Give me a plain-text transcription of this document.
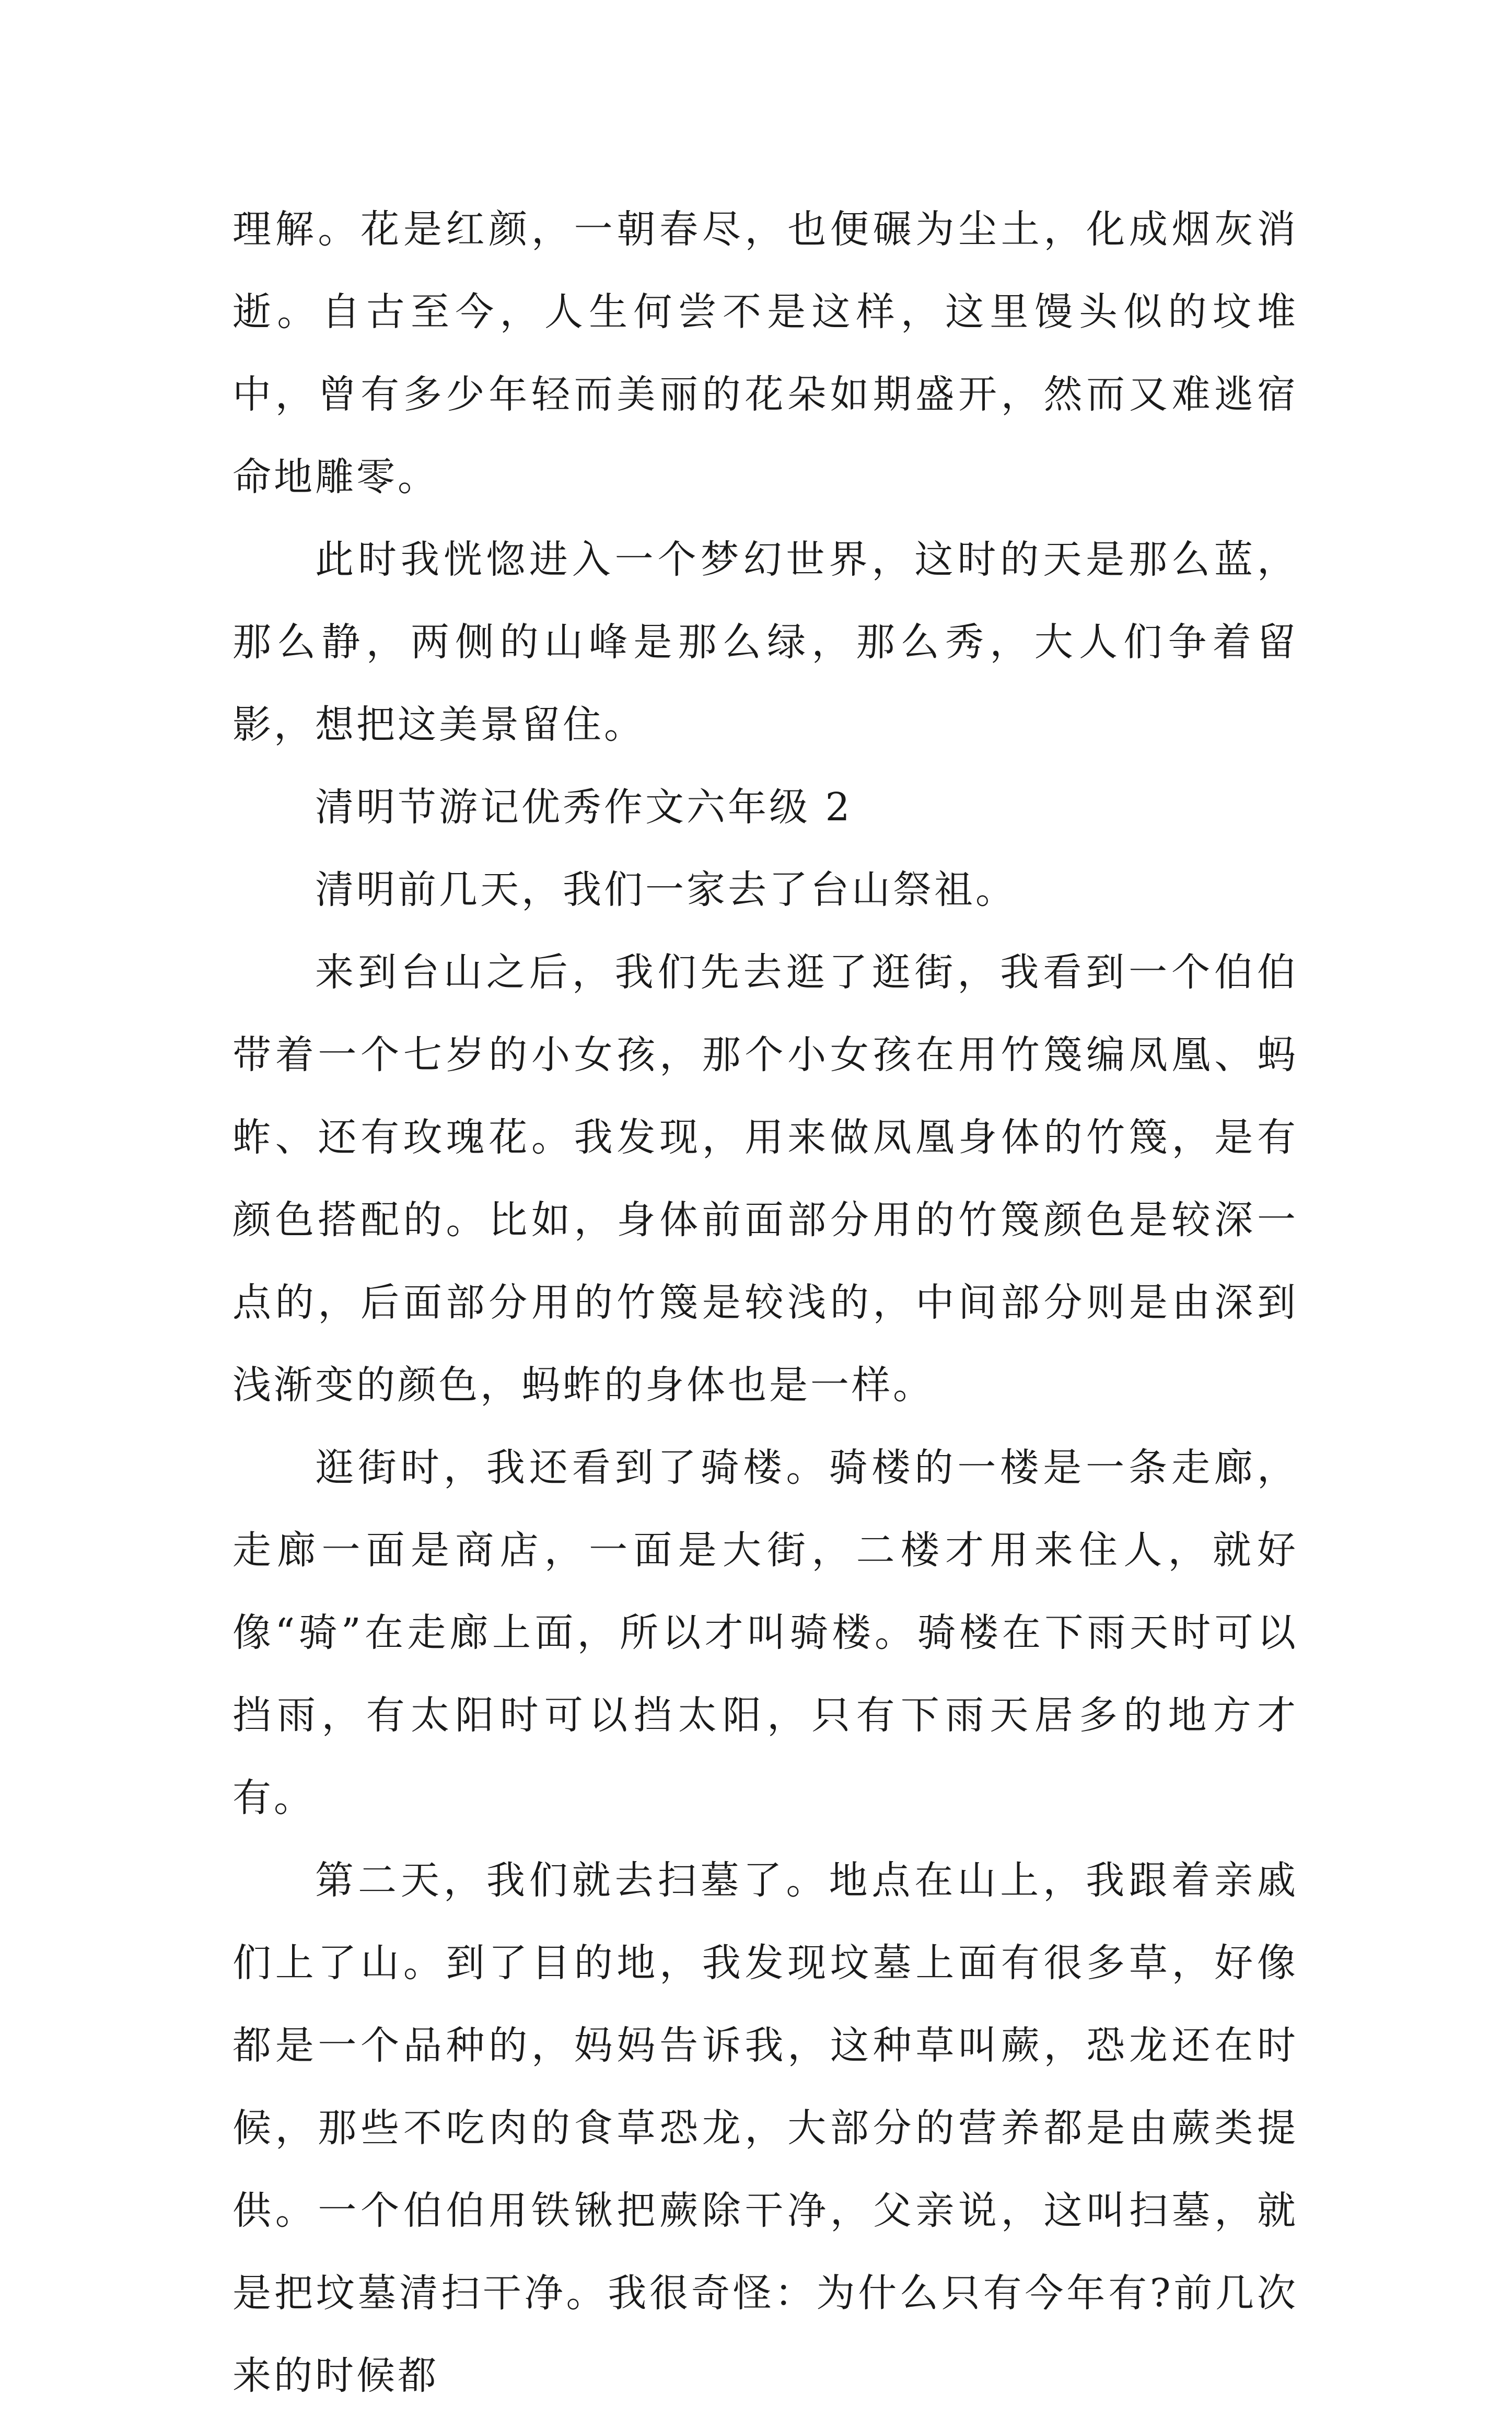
理解。花是红颜，一朝春尽，也便碾为尘土，化成烟灰消逝。自古至今，人生何尝不是这样，这里馒头似的坟堆中，曾有多少年轻而美丽的花朵如期盛开，然而又难逃宿命地雕零。

此时我恍惚进入一个梦幻世界，这时的天是那么蓝，那么静，两侧的山峰是那么绿，那么秀，大人们争着留影，想把这美景留住。

清明节游记优秀作文六年级 2

清明前几天，我们一家去了台山祭祖。

来到台山之后，我们先去逛了逛街，我看到一个伯伯带着一个七岁的小女孩，那个小女孩在用竹篾编凤凰、蚂蚱、还有玫瑰花。我发现，用来做凤凰身体的竹篾，是有颜色搭配的。比如，身体前面部分用的竹篾颜色是较深一点的，后面部分用的竹篾是较浅的，中间部分则是由深到浅渐变的颜色，蚂蚱的身体也是一样。

逛街时，我还看到了骑楼。骑楼的一楼是一条走廊，走廊一面是商店，一面是大街，二楼才用来住人，就好像“骑”在走廊上面，所以才叫骑楼。骑楼在下雨天时可以挡雨，有太阳时可以挡太阳，只有下雨天居多的地方才有。

第二天，我们就去扫墓了。地点在山上，我跟着亲戚们上了山。到了目的地，我发现坟墓上面有很多草，好像都是一个品种的，妈妈告诉我，这种草叫蕨，恐龙还在时候，那些不吃肉的食草恐龙，大部分的营养都是由蕨类提供。一个伯伯用铁锹把蕨除干净，父亲说，这叫扫墓，就是把坟墓清扫干净。我很奇怪：为什么只有今年有?前几次来的时候都
